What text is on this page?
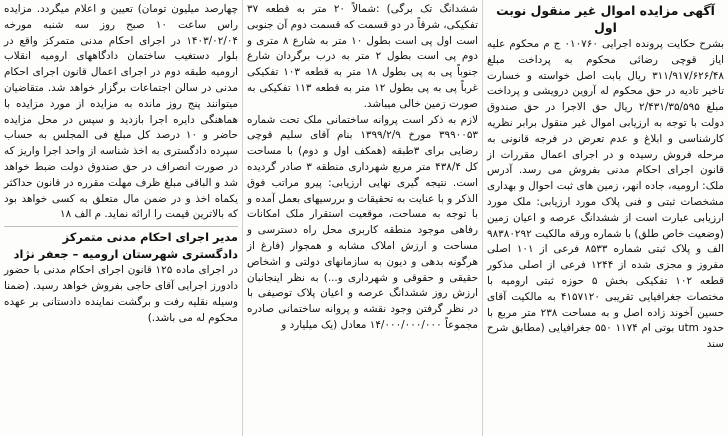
آگهی مزایده اموال غیر منقول نوبت اول

بشرح حکایت پرونده اجرایی ۰۱۰۷۶۰ ج م محکوم علیه ایاز قوچی رضائی محکوم به پرداخت مبلغ ۳۱۱/۹۱۷/۶۲۶/۴۸ ریال بابت اصل خواسته و خسارت تاخیر تادیه در حق محکوم له آروین درویشی و پرداخت مبلغ ۲/۴۳۱/۳۵/۵۹۵ ریال حق الاجرا در حق صندوق دولت با توجه به ارزیابی اموال غیر منقول برابر نظریه کارشناسی و ابلاغ و عدم تعرض در فرجه قانونی به مرحله فروش رسیده و در اجرای اعمال مقررات از قانون اجرای احکام مدنی بفروش می رسد. آدرس ملک: ارومیه، جاده انهر، زمین های ثبت احوال و بهداری مشخصات ثبتی و فنی پلاک مورد ارزیابی: ملک مورد ارزیابی عبارت است از ششدانگ عرصه و اعیان زمین (وضعیت خاص طلق) با شماره ورقه مالکیت ۹۸۳۸۰۲۹۲ الف و پلاک ثبتی شماره ۸۵۳۳ فرعی از ۱۰۱ اصلی مفروز و مجزی شده از ۱۲۴۴ فرعی از اصلی مذکور قطعه ۱۰۲ تفکیکی بخش ۵ حوزه ثبتی ارومیه با مختصات جغرافیایی تقریبی ۴۱۵۷۱۲۰ به مالکیت آقای حسین آخوند زاده اصل و به مساحت ۲۳۸ متر مربع با حدود utm بوتی ام ۱۱۷۴ ۵۵۰ جغرافیایی (مطابق شرح سند

ششدانگ تک برگی) :شمالاً ۲۰ متر به قطعه ۳۷ تفکیکی، شرقاً در دو قسمت که قسمت دوم آن جنوبی است اول پی است بطول ۱۰ متر به شارع ۸ متری و دوم پی است بطول ۲ متر به درب برگردان شارع جنوباً پی به پی بطول ۱۸ متر به قطعه ۱۰۳ تفکیکی غرباً پی به پی بطول ۱۲ متر به قطعه ۱۱۳ تفکیکی به صورت زمین خالی میباشد.

لازم به ذکر است پروانه ساختمانی ملک تحت شماره ۳۹۹۰۰۵۳ مورخ ۱۳۹۹/۲/۹ بنام آقای سلیم قوچی رضایی برای ۳طبقه (همکف اول و دوم) با مساحت کل ۴۳۸/۴ متر مربع شهرداری منطقه ۳ صادر گردیده است. نتیجه گیری نهایی ارزیابی: پیرو مراتب فوق الذکر و با عنایت به تحقیقات و بررسیهای بعمل آمده و با توجه به مساحت، موقعیت استقرار ملک امکانات رفاهی موجود منطقه کاربری محل راه دسترسی و مساحت و ارزش املاک مشابه و همجوار (فارغ از هرگونه بدهی و دیون به سازمانهای دولتی و اشخاص حقیقی و حقوقی و شهرداری و...) به نظر اینجانبان ارزش روز ششدانگ عرصه و اعیان پلاک توصیفی با در نظر گرفتن وجود نقشه و پروانه ساختمانی صادره مجموعاً ۱۴/۰۰۰/۰۰۰/۰۰۰ معادل (یک میلیارد و

چهارصد میلیون تومان) تعیین و اعلام میگردد. مزایده راس ساعت ۱۰ صبح روز سه شنبه مورخه ۱۴۰۳/۰۲/۰۴ در اجرای احکام مدنی متمرکز واقع در بلوار دستغیب ساختمان دادگاههای ارومیه انقلاب ارومیه طبقه دوم در اجرای اعمال قانون اجرای احکام مدنی در سالن اجتماعات برگزار خواهد شد. متقاضیان میتوانند پنج روز مانده به مزایده از مورد مزایده با هماهنگی دایره اجرا بازدید و سپس در محل مزایده حاضر و ۱۰ درصد کل مبلغ فی المجلس به حساب سپرده دادگستری به اخذ شناسه از واحد اجرا واریز که در صورت انصراف در حق صندوق دولت ضبط خواهد شد و الباقی مبلغ ظرف مهلت مقرره در قانون حداکثر یکماه اخذ و در ضمن مال متعلق به کسی خواهد بود که بالاترین قیمت را ارائه نماید. م الف ۱۸

مدیر اجرای احکام مدنی متمرکز دادگستری شهرستان ارومیه – جعفر نژاد

در اجرای ماده ۱۲۵ قانون اجرای احکام مدنی با حضور دادورز اجرایی آقای حاجی بفروش خواهد رسید. (ضمنا وسیله نقلیه رفت و برگشت نماینده دادستانی بر عهده محکوم له می باشد.)
